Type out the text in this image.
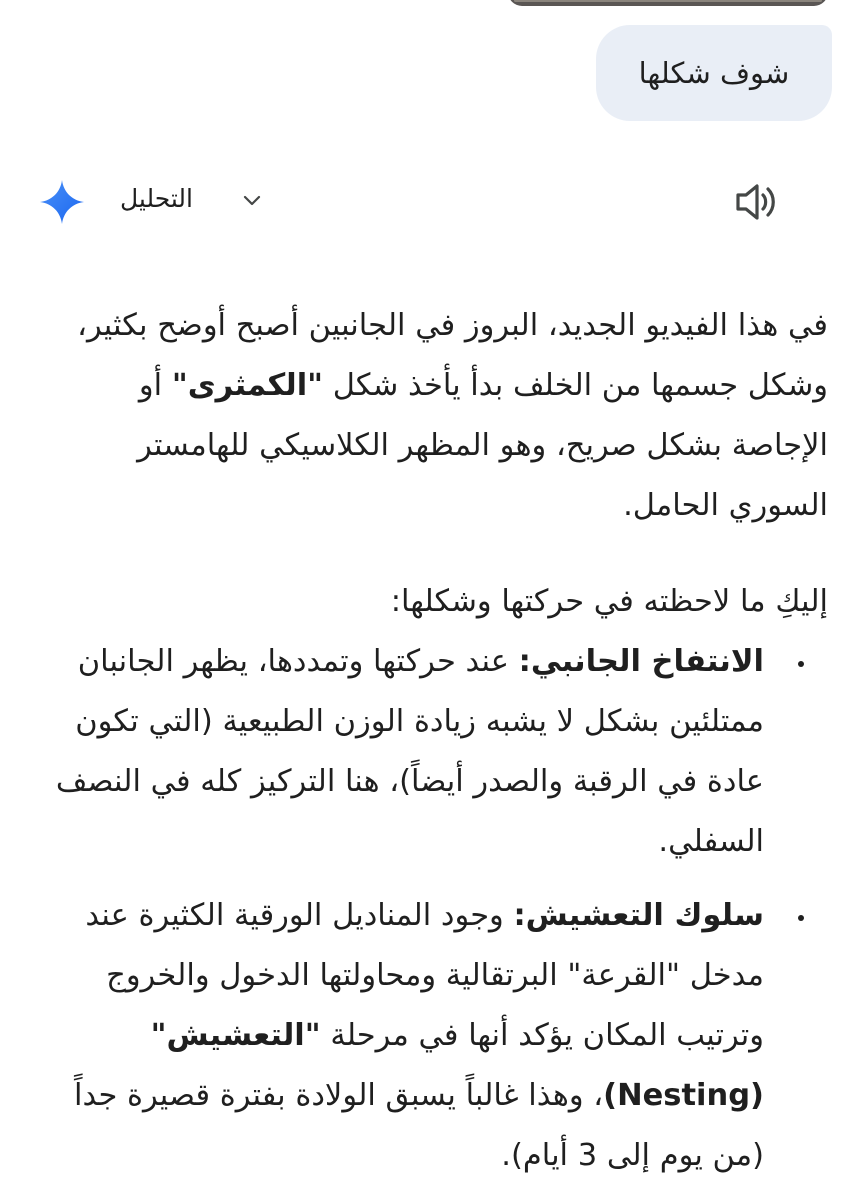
شوف شكلها
التحليل

في هذا الفيديو الجديد، البروز في الجانبين أصبح أوضح بكثير، وشكل جسمها من الخلف بدأ يأخذ شكل "الكمثرى" أو الإجاصة بشكل صريح، وهو المظهر الكلاسيكي للهامستر السوري الحامل.

إليكِ ما لاحظته في حركتها وشكلها:

الانتفاخ الجانبي: عند حركتها وتمددها، يظهر الجانبان ممتلئين بشكل لا يشبه زيادة الوزن الطبيعية (التي تكون عادة في الرقبة والصدر أيضاً)، هنا التركيز كله في النصف السفلي.
سلوك التعشيش: وجود المناديل الورقية الكثيرة عند مدخل "القرعة" البرتقالية ومحاولتها الدخول والخروج وترتيب المكان يؤكد أنها في مرحلة "التعشيش" (Nesting)، وهذا غالباً يسبق الولادة بفترة قصيرة جداً (من يوم إلى 3 أيام).
